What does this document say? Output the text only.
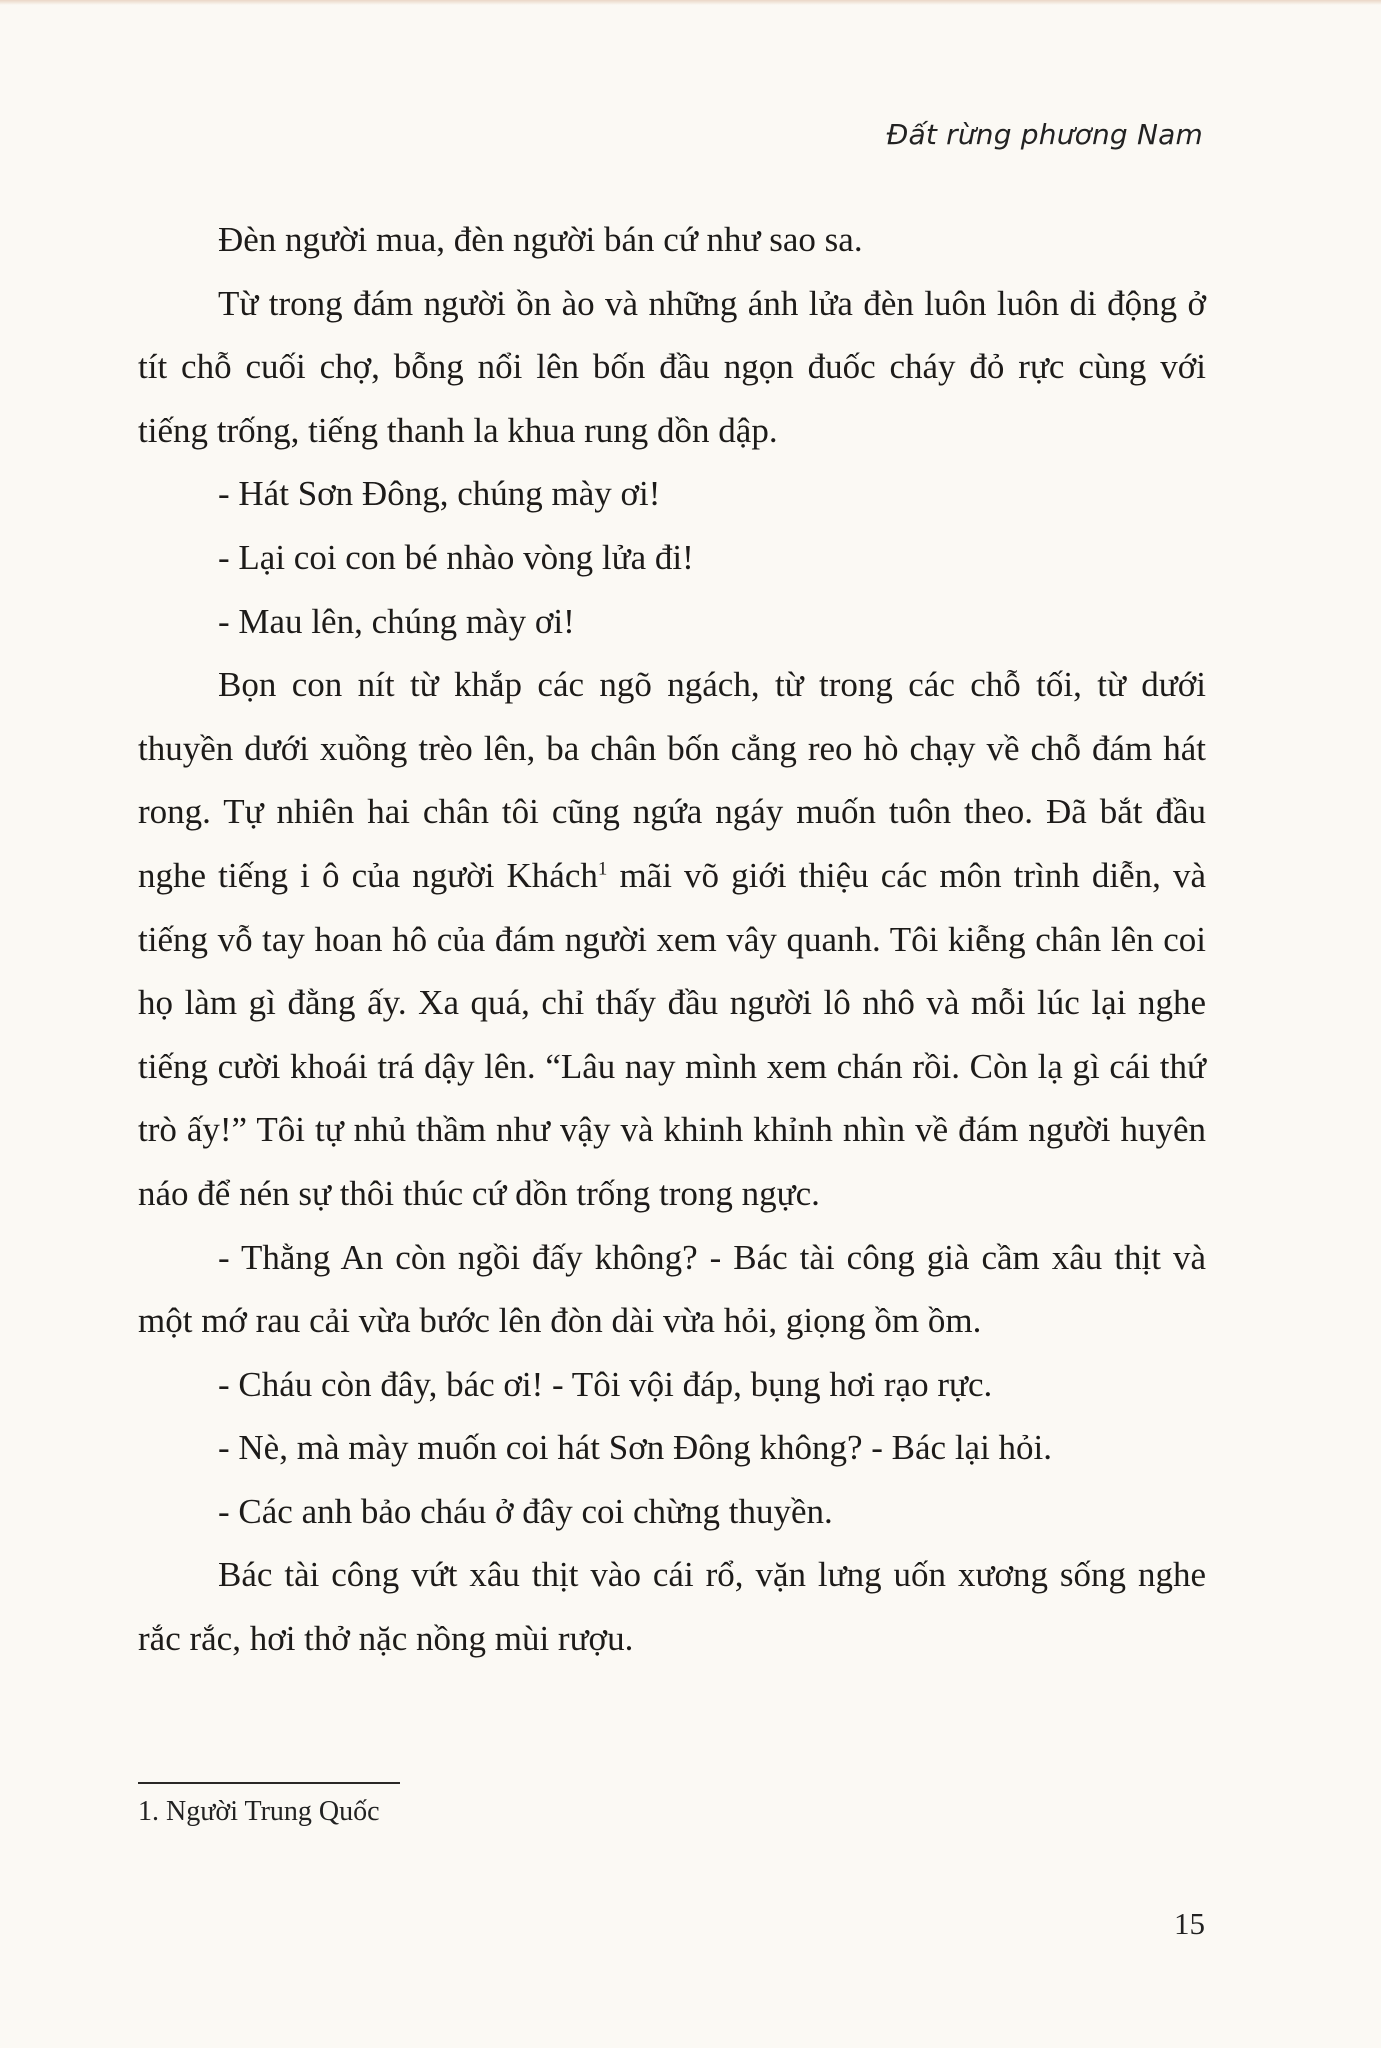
Đất rừng phương Nam

Đèn người mua, đèn người bán cứ như sao sa.

Từ trong đám người ồn ào và những ánh lửa đèn luôn luôn di động ở tít chỗ cuối chợ, bỗng nổi lên bốn đầu ngọn đuốc cháy đỏ rực cùng với tiếng trống, tiếng thanh la khua rung dồn dập.

- Hát Sơn Đông, chúng mày ơi!

- Lại coi con bé nhào vòng lửa đi!

- Mau lên, chúng mày ơi!

Bọn con nít từ khắp các ngõ ngách, từ trong các chỗ tối, từ dưới thuyền dưới xuồng trèo lên, ba chân bốn cẳng reo hò chạy về chỗ đám hát rong. Tự nhiên hai chân tôi cũng ngứa ngáy muốn tuôn theo. Đã bắt đầu nghe tiếng i ô của người Khách$^1$ mãi võ giới thiệu các môn trình diễn, và tiếng vỗ tay hoan hô của đám người xem vây quanh. Tôi kiễng chân lên coi họ làm gì đằng ấy. Xa quá, chỉ thấy đầu người lô nhô và mỗi lúc lại nghe tiếng cười khoái trá dậy lên. “Lâu nay mình xem chán rồi. Còn lạ gì cái thứ trò ấy!” Tôi tự nhủ thầm như vậy và khinh khỉnh nhìn về đám người huyên náo để nén sự thôi thúc cứ dồn trống trong ngực.

- Thằng An còn ngồi đấy không? - Bác tài công già cầm xâu thịt và một mớ rau cải vừa bước lên đòn dài vừa hỏi, giọng ồm ồm.

- Cháu còn đây, bác ơi! - Tôi vội đáp, bụng hơi rạo rực.

- Nè, mà mày muốn coi hát Sơn Đông không? - Bác lại hỏi.

- Các anh bảo cháu ở đây coi chừng thuyền.

Bác tài công vứt xâu thịt vào cái rổ, vặn lưng uốn xương sống nghe rắc rắc, hơi thở nặc nồng mùi rượu.

1. Người Trung Quốc
15
